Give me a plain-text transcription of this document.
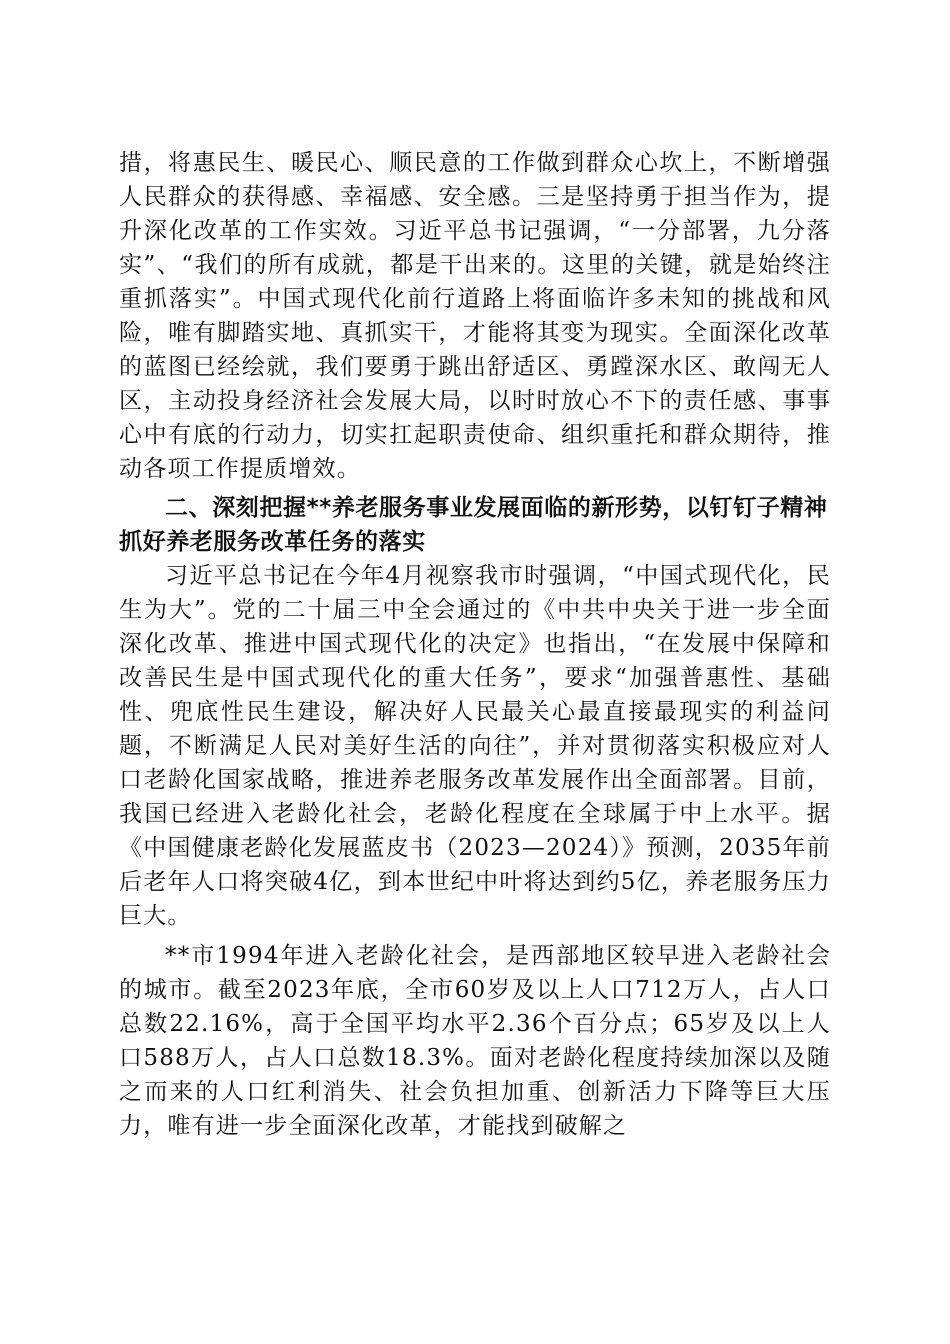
措，将惠民生、暖民心、顺民意的工作做到群众心坎上，不断增强人民群众的获得感、幸福感、安全感。三是坚持勇于担当作为，提升深化改革的工作实效。习近平总书记强调，“一分部署，九分落实”、“我们的所有成就，都是干出来的。这里的关键，就是始终注重抓落实”。中国式现代化前行道路上将面临许多未知的挑战和风险，唯有脚踏实地、真抓实干，才能将其变为现实。全面深化改革的蓝图已经绘就，我们要勇于跳出舒适区、勇蹚深水区、敢闯无人区，主动投身经济社会发展大局，以时时放心不下的责任感、事事心中有底的行动力，切实扛起职责使命、组织重托和群众期待，推动各项工作提质增效。

二、深刻把握**养老服务事业发展面临的新形势，以钉钉子精神抓好养老服务改革任务的落实

习近平总书记在今年4月视察我市时强调，“中国式现代化，民生为大”。党的二十届三中全会通过的《中共中央关于进一步全面深化改革、推进中国式现代化的决定》也指出，“在发展中保障和改善民生是中国式现代化的重大任务”，要求“加强普惠性、基础性、兜底性民生建设，解决好人民最关心最直接最现实的利益问题，不断满足人民对美好生活的向往”，并对贯彻落实积极应对人口老龄化国家战略，推进养老服务改革发展作出全面部署。目前，我国已经进入老龄化社会，老龄化程度在全球属于中上水平。据《中国健康老龄化发展蓝皮书（2023—2024）》预测，2035年前后老年人口将突破4亿，到本世纪中叶将达到约5亿，养老服务压力巨大。

**市1994年进入老龄化社会，是西部地区较早进入老龄社会的城市。截至2023年底，全市60岁及以上人口712万人，占人口总数22.16%，高于全国平均水平2.36个百分点；65岁及以上人口588万人，占人口总数18.3%。面对老龄化程度持续加深以及随之而来的人口红利消失、社会负担加重、创新活力下降等巨大压力，唯有进一步全面深化改革，才能找到破解之
